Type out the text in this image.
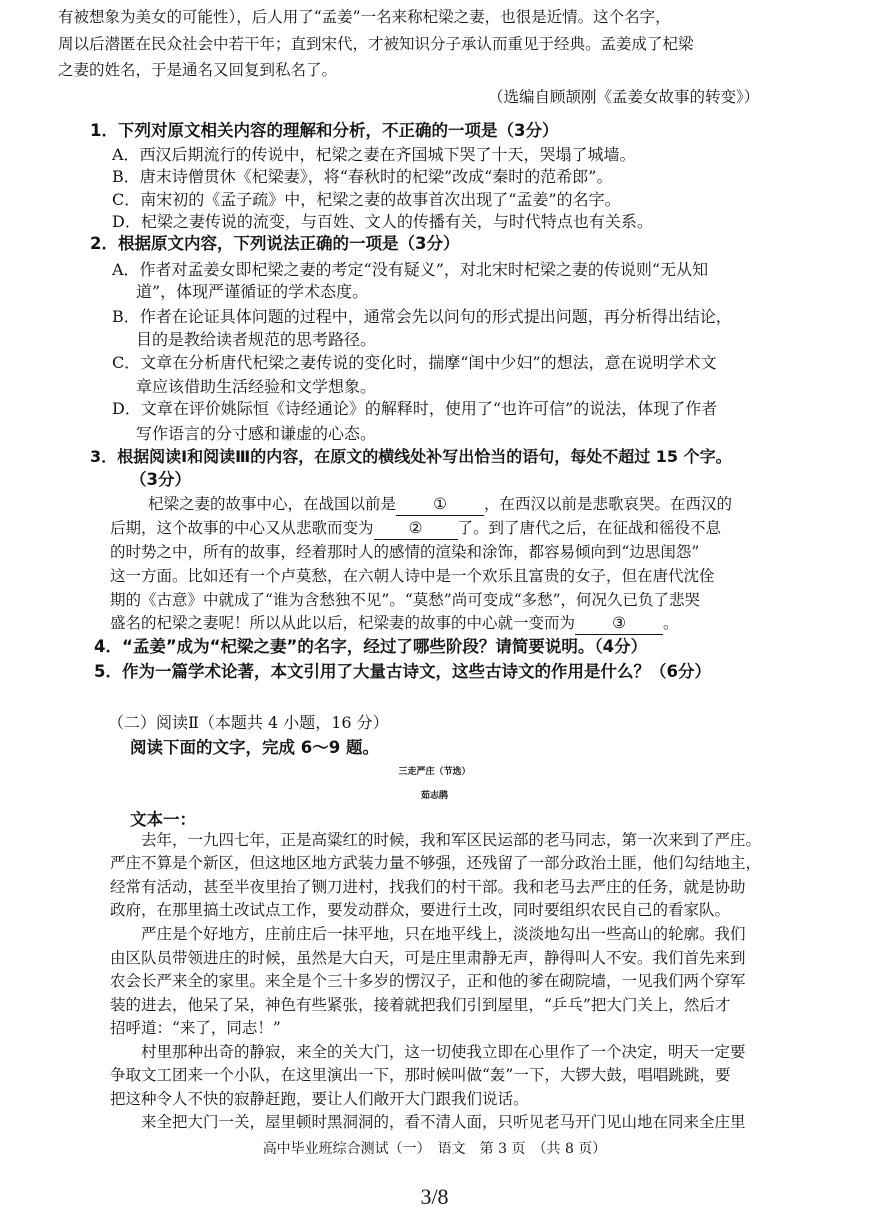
有被想象为美女的可能性），后人用了“孟姜”一名来称杞梁之妻，也很是近情。这个名字，
周以后潜匿在民众社会中若干年；直到宋代，才被知识分子承认而重见于经典。孟姜成了杞梁
之妻的姓名，于是通名又回复到私名了。
（选编自顾颉刚《孟姜女故事的转变》）
1．下列对原文相关内容的理解和分析，不正确的一项是（3分）
A．西汉后期流行的传说中，杞梁之妻在齐国城下哭了十天，哭塌了城墙。
B．唐末诗僧贯休《杞梁妻》，将“春秋时的杞梁”改成“秦时的范希郎”。
C．南宋初的《孟子疏》中，杞梁之妻的故事首次出现了“孟姜”的名字。
D．杞梁之妻传说的流变，与百姓、文人的传播有关，与时代特点也有关系。
2．根据原文内容，下列说法正确的一项是（3分）
A．作者对孟姜女即杞梁之妻的考定“没有疑义”，对北宋时杞梁之妻的传说则“无从知
道”，体现严谨循证的学术态度。
B．作者在论证具体问题的过程中，通常会先以问句的形式提出问题，再分析得出结论，
目的是教给读者规范的思考路径。
C．文章在分析唐代杞梁之妻传说的变化时，揣摩“闺中少妇”的想法，意在说明学术文
章应该借助生活经验和文学想象。
D．文章在评价姚际恒《诗经通论》的解释时，使用了“也许可信”的说法，体现了作者
写作语言的分寸感和谦虚的心态。
3．根据阅读Ⅰ和阅读Ⅲ的内容，在原文的横线处补写出恰当的语句，每处不超过 15 个字。
（3分）
杞梁之妻的故事中心，在战国以前是 ① ，在西汉以前是悲歌哀哭。在西汉的
后期，这个故事的中心又从悲歌而变为 ② 了。到了唐代之后，在征战和徭役不息
的时势之中，所有的故事，经着那时人的感情的渲染和涂饰，都容易倾向到“边思闺怨”
这一方面。比如还有一个卢莫愁，在六朝人诗中是一个欢乐且富贵的女子，但在唐代沈佺
期的《古意》中就成了“谁为含愁独不见”。“莫愁”尚可变成“多愁”，何况久已负了悲哭
盛名的杞梁之妻呢！所以从此以后，杞梁妻的故事的中心就一变而为 ③ 。
4．“孟姜”成为“杞梁之妻”的名字，经过了哪些阶段？请简要说明。（4分）
5．作为一篇学术论著，本文引用了大量古诗文，这些古诗文的作用是什么？（6分）
（二）阅读Ⅱ（本题共 4 小题，16 分）
阅读下面的文字，完成 6～9 题。
三走严庄（节选）
茹志鹃
文本一：
　　去年，一九四七年，正是高粱红的时候，我和军区民运部的老马同志，第一次来到了严庄。
严庄不算是个新区，但这地区地方武装力量不够强，还残留了一部分政治土匪，他们勾结地主，
经常有活动，甚至半夜里抬了铡刀进村，找我们的村干部。我和老马去严庄的任务，就是协助
政府，在那里搞土改试点工作，要发动群众，要进行土改，同时要组织农民自己的看家队。
　　严庄是个好地方，庄前庄后一抹平地，只在地平线上，淡淡地勾出一些高山的轮廓。我们
由区队员带领进庄的时候，虽然是大白天，可是庄里肃静无声，静得叫人不安。我们首先来到
农会长严来全的家里。来全是个三十多岁的愣汉子，正和他的爹在砌院墙，一见我们两个穿军
装的进去，他呆了呆，神色有些紧张，接着就把我们引到屋里，“乒乓”把大门关上，然后才
招呼道：“来了，同志！”
　　村里那种出奇的静寂，来全的关大门，这一切使我立即在心里作了一个决定，明天一定要
争取文工团来一个小队，在这里演出一下，那时候叫做“轰”一下，大锣大鼓，唱唱跳跳，要
把这种令人不快的寂静赶跑，要让人们敞开大门跟我们说话。
　　来全把大门一关，屋里顿时黑洞洞的，看不清人面，只听见老马开门见山地在同来全庄里
高中毕业班综合测试（一）　语文　第 3 页　（共 8 页）
3/8
